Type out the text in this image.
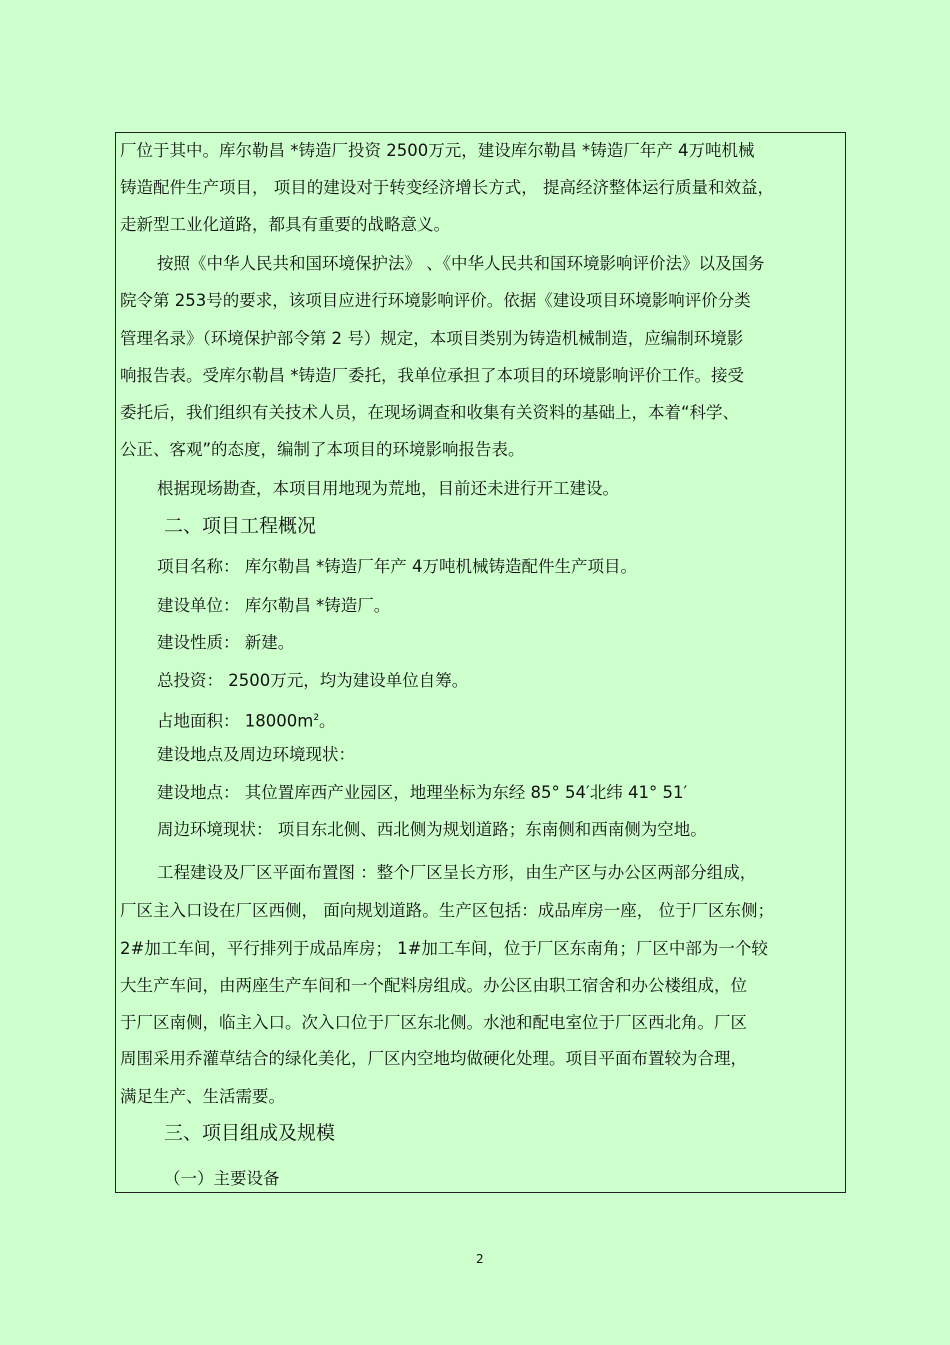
厂位于其中。库尔勒昌 *铸造厂投资 2500万元，建设库尔勒昌 *铸造厂年产 4万吨机械
铸造配件生产项目， 项目的建设对于转变经济增长方式， 提高经济整体运行质量和效益，
走新型工业化道路，都具有重要的战略意义。
按照《中华人民共和国环境保护法》 、《中华人民共和国环境影响评价法》以及国务
院令第 253号的要求，该项目应进行环境影响评价。依据《建设项目环境影响评价分类
管理名录》（环境保护部令第 2 号）规定，本项目类别为铸造机械制造，应编制环境影
响报告表。受库尔勒昌 *铸造厂委托，我单位承担了本项目的环境影响评价工作。接受
委托后，我们组织有关技术人员，在现场调查和收集有关资料的基础上，本着“科学、
公正、客观”的态度，编制了本项目的环境影响报告表。
根据现场勘查，本项目用地现为荒地，目前还未进行开工建设。
二、项目工程概况
项目名称： 库尔勒昌 *铸造厂年产 4万吨机械铸造配件生产项目。
建设单位： 库尔勒昌 *铸造厂。
建设性质： 新建。
总投资： 2500万元，均为建设单位自筹。
占地面积： $18000m^2$。
建设地点及周边环境现状：
建设地点： 其位置库西产业园区，地理坐标为东经 85° 54′北纬 41° 51′
周边环境现状： 项目东北侧、西北侧为规划道路；东南侧和西南侧为空地。
工程建设及厂区平面布置图 ：整个厂区呈长方形，由生产区与办公区两部分组成，
厂区主入口设在厂区西侧， 面向规划道路。生产区包括：成品库房一座， 位于厂区东侧；
2#加工车间，平行排列于成品库房； 1#加工车间，位于厂区东南角；厂区中部为一个较
大生产车间，由两座生产车间和一个配料房组成。办公区由职工宿舍和办公楼组成，位
于厂区南侧，临主入口。次入口位于厂区东北侧。水池和配电室位于厂区西北角。厂区
周围采用乔灌草结合的绿化美化，厂区内空地均做硬化处理。项目平面布置较为合理，
满足生产、生活需要。
三、项目组成及规模
（一）主要设备
2
